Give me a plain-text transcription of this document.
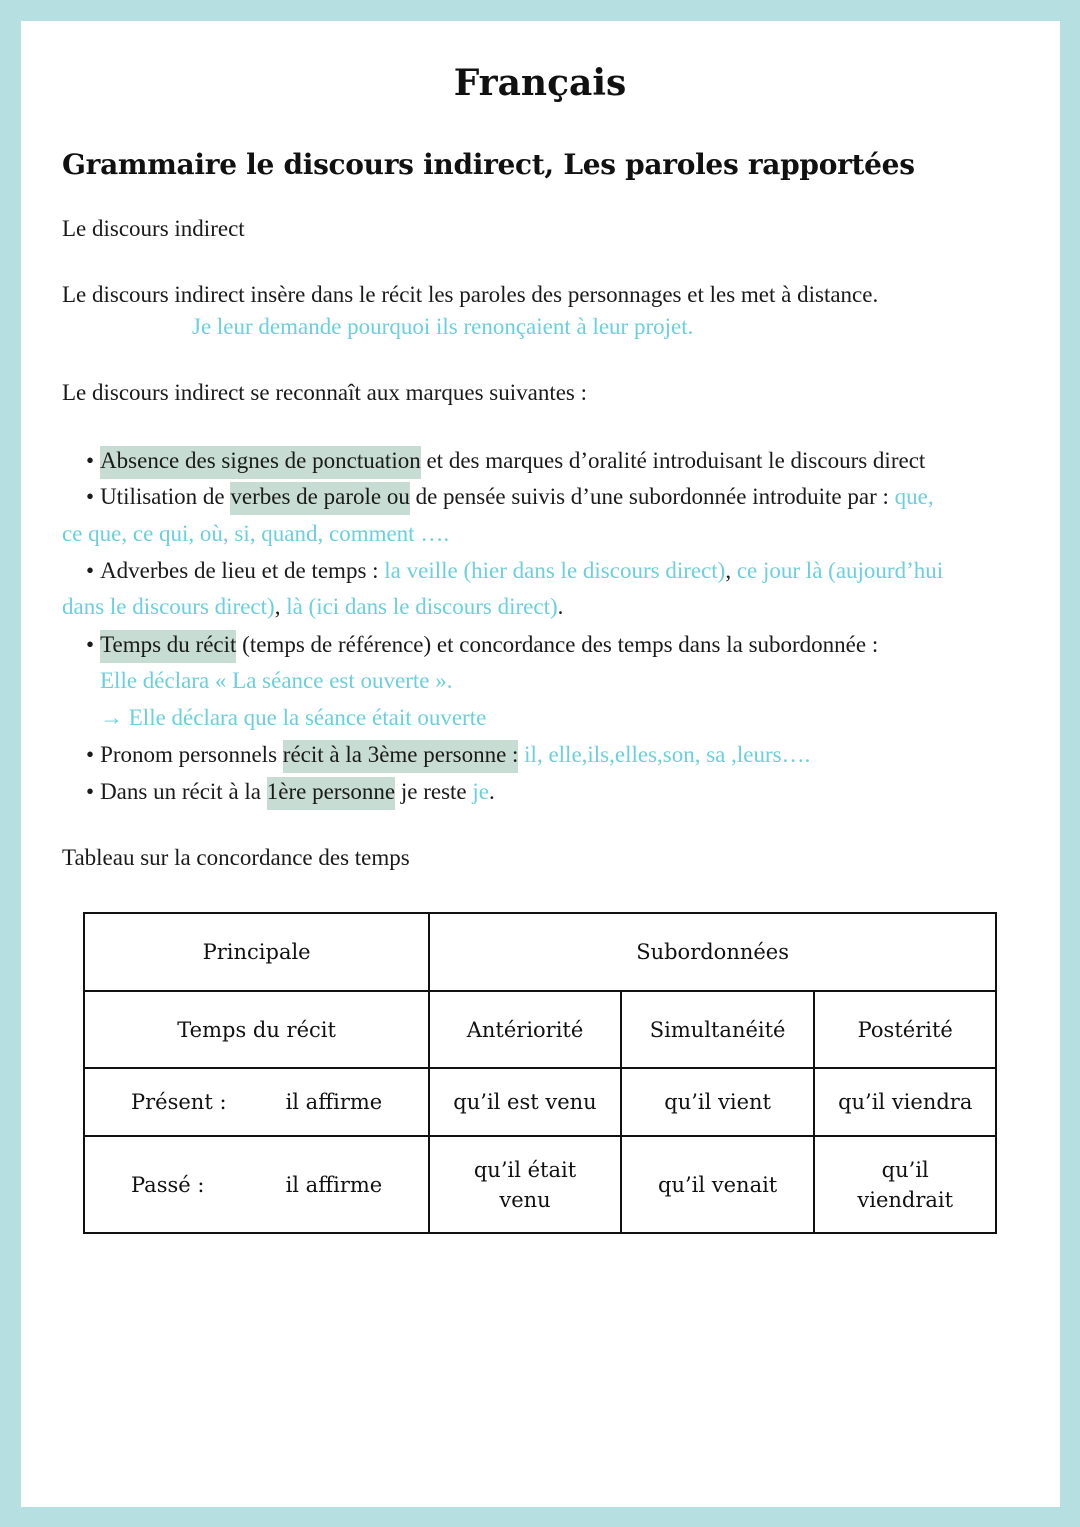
Français
Grammaire le discours indirect, Les paroles rapportées
Le discours indirect
Le discours indirect insère dans le récit les paroles des personnages et les met à distance.
Je leur demande pourquoi ils renonçaient à leur projet.
Le discours indirect se reconnaît aux marques suivantes :
• Absence des signes de ponctuation et des marques d’oralité introduisant le discours direct
• Utilisation de verbes de parole ou de pensée suivis d’une subordonnée introduite par : que,
ce que, ce qui, où, si, quand, comment ….
• Adverbes de lieu et de temps : la veille (hier dans le discours direct), ce jour là (aujourd’hui
dans le discours direct), là (ici dans le discours direct).
• Temps du récit (temps de référence) et concordance des temps dans la subordonnée :
Elle déclara « La séance est ouverte ».
→ Elle déclara que la séance était ouverte
• Pronom personnels récit à la 3ème personne : il, elle,ils,elles,son, sa ,leurs….
• Dans un récit à la 1ère personne je reste je.
Tableau sur la concordance des temps
Principale	Subordonnées		
Temps du récit	Antériorité	Simultanéité	Postérité

Présent : il affirme	qu’il est venu	qu’il vient	qu’il viendra

Passé : il affirme	qu’il était venu	qu’il venait	qu’il viendrait
